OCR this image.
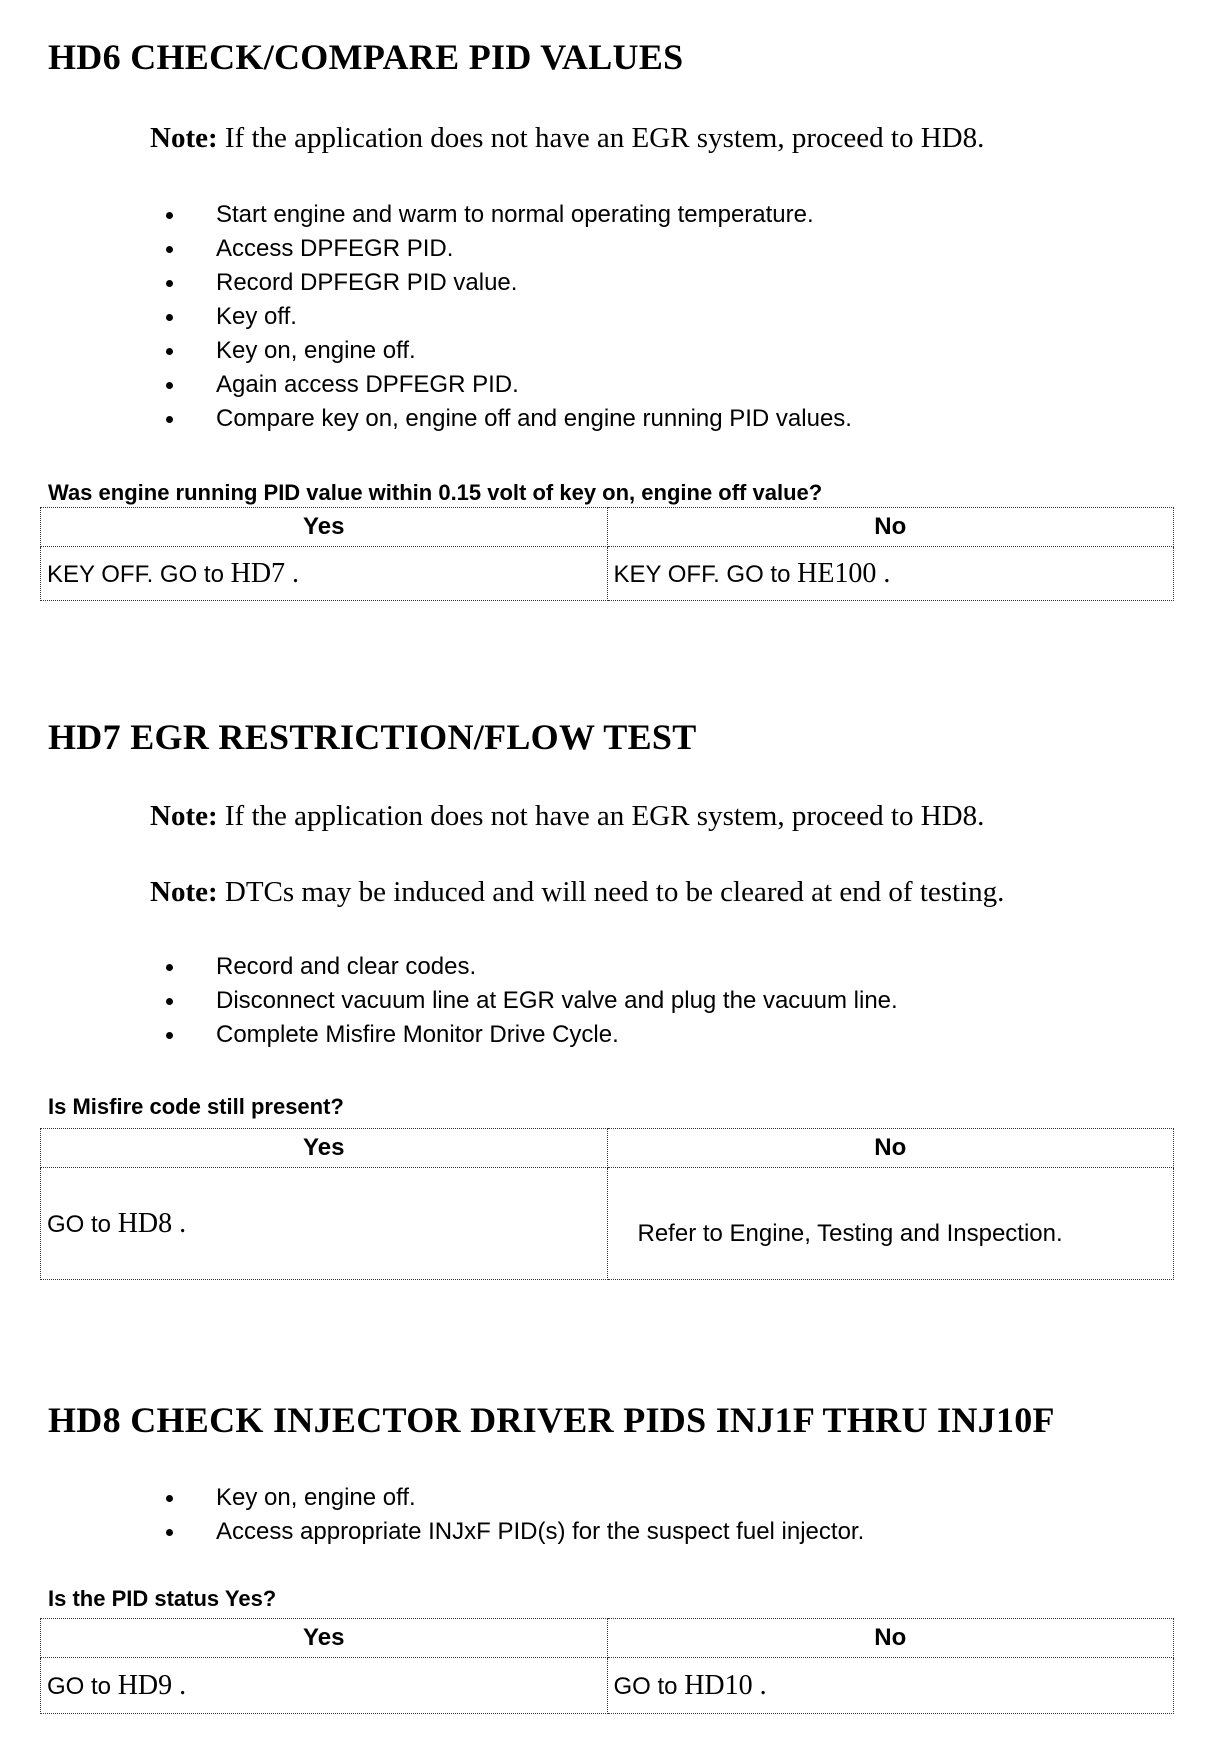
HD6 CHECK/COMPARE PID VALUES
Note: If the application does not have an EGR system, proceed to HD8.
Start engine and warm to normal operating temperature.
Access DPFEGR PID.
Record DPFEGR PID value.
Key off.
Key on, engine off.
Again access DPFEGR PID.
Compare key on, engine off and engine running PID values.
Was engine running PID value within 0.15 volt of key on, engine off value?
Yes	No
KEY OFF. GO to HD7 .	KEY OFF. GO to HE100 .
HD7 EGR RESTRICTION/FLOW TEST
Note: If the application does not have an EGR system, proceed to HD8.
Note: DTCs may be induced and will need to be cleared at end of testing.
Record and clear codes.
Disconnect vacuum line at EGR valve and plug the vacuum line.
Complete Misfire Monitor Drive Cycle.
Is Misfire code still present?
Yes	No
GO to HD8 .	Refer to Engine, Testing and Inspection.
HD8 CHECK INJECTOR DRIVER PIDS INJ1F THRU INJ10F
Key on, engine off.
Access appropriate INJxF PID(s) for the suspect fuel injector.
Is the PID status Yes?
Yes	No
GO to HD9 .	GO to HD10 .
